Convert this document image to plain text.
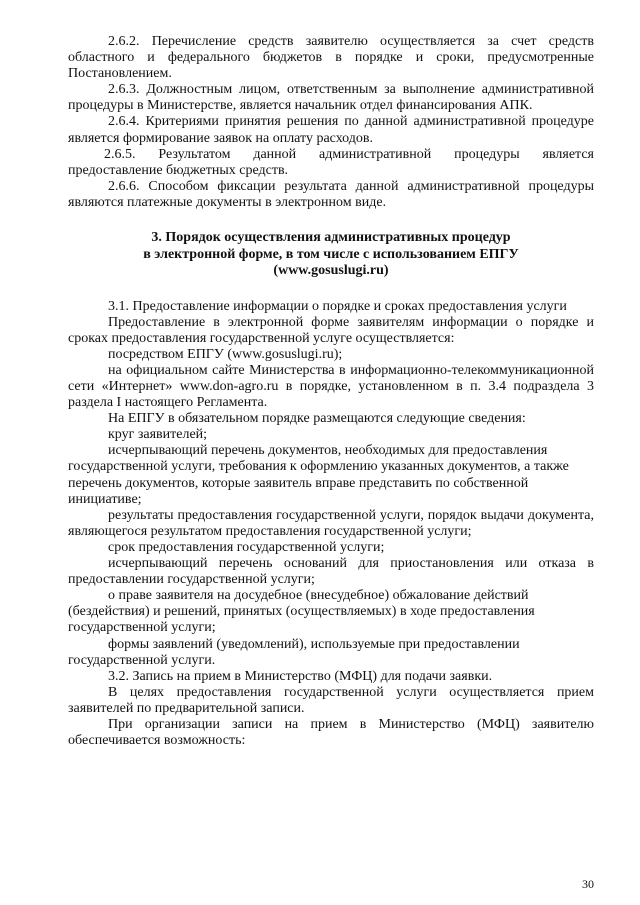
2.6.2. Перечисление средств заявителю осуществляется за счет средств областного и федерального бюджетов в порядке и сроки, предусмотренные Постановлением.

2.6.3. Должностным лицом, ответственным за выполнение административной процедуры в Министерстве, является начальник отдел финансирования АПК.

2.6.4. Критериями принятия решения по данной административной процедуре является формирование заявок на оплату расходов.

2.6.5. Результатом данной административной процедуры является предоставление бюджетных средств.

2.6.6. Способом фиксации результата данной административной процедуры являются платежные документы в электронном виде.

3. Порядок осуществления административных процедур

в электронной форме, в том числе с использованием ЕПГУ

(www.gosuslugi.ru)

3.1. Предоставление информации о порядке и сроках предоставления услуги

Предоставление в электронной форме заявителям информации о порядке и сроках предоставления государственной услуге осуществляется:

посредством ЕПГУ (www.gosuslugi.ru);

на официальном сайте Министерства в информационно-телекоммуникационной сети «Интернет» www.don-agro.ru в порядке, установленном в п. 3.4 подраздела 3 раздела I настоящего Регламента.

На ЕПГУ в обязательном порядке размещаются следующие сведения:

круг заявителей;

исчерпывающий перечень документов, необходимых для предоставления государственной услуги, требования к оформлению указанных документов, а также перечень документов, которые заявитель вправе представить по собственной инициативе;

результаты предоставления государственной услуги, порядок выдачи документа, являющегося результатом предоставления государственной услуги;

срок предоставления государственной услуги;

исчерпывающий перечень оснований для приостановления или отказа в предоставлении государственной услуги;

о праве заявителя на досудебное (внесудебное) обжалование действий (бездействия) и решений, принятых (осуществляемых) в ходе предоставления государственной услуги;

формы заявлений (уведомлений), используемые при предоставлении государственной услуги.

3.2. Запись на прием в Министерство (МФЦ) для подачи заявки.

В целях предоставления государственной услуги осуществляется прием заявителей по предварительной записи.

При организации записи на прием в Министерство (МФЦ) заявителю обеспечивается возможность:

30
